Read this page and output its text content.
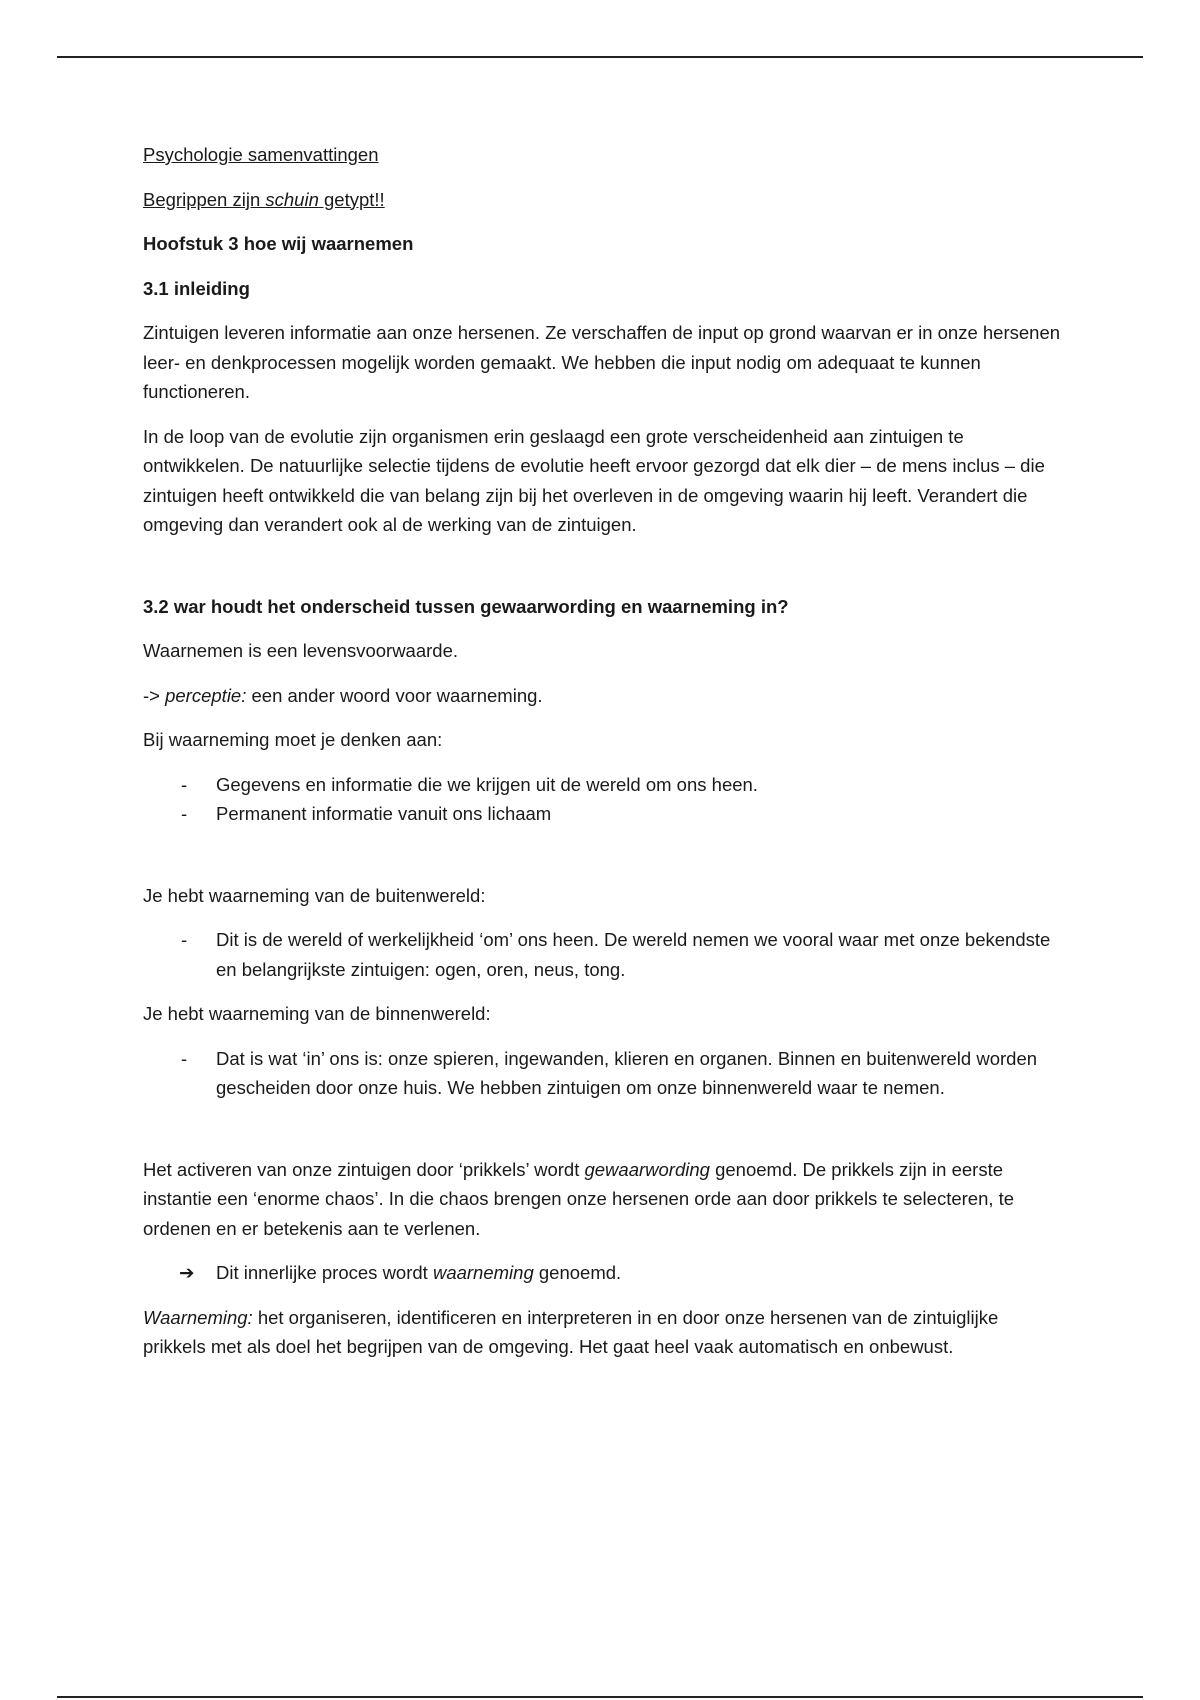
Psychologie samenvattingen

Begrippen zijn schuin getypt!!

Hoofstuk 3 hoe wij waarnemen

3.1 inleiding

Zintuigen leveren informatie aan onze hersenen. Ze verschaffen de input op grond waarvan er in onze hersenen leer- en denkprocessen mogelijk worden gemaakt. We hebben die input nodig om adequaat te kunnen functioneren.

In de loop van de evolutie zijn organismen erin geslaagd een grote verscheidenheid aan zintuigen te ontwikkelen. De natuurlijke selectie tijdens de evolutie heeft ervoor gezorgd dat elk dier – de mens inclus – die zintuigen heeft ontwikkeld die van belang zijn bij het overleven in de omgeving waarin hij leeft. Verandert die omgeving dan verandert ook al de werking van de zintuigen.

3.2 war houdt het onderscheid tussen gewaarwording en waarneming in?

Waarnemen is een levensvoorwaarde.

-> perceptie: een ander woord voor waarneming.

Bij waarneming moet je denken aan:

- Gegevens en informatie die we krijgen uit de wereld om ons heen.
- Permanent informatie vanuit ons lichaam

Je hebt waarneming van de buitenwereld:

- Dit is de wereld of werkelijkheid ‘om’ ons heen. De wereld nemen we vooral waar met onze bekendste en belangrijkste zintuigen: ogen, oren, neus, tong.

Je hebt waarneming van de binnenwereld:

- Dat is wat ‘in’ ons is: onze spieren, ingewanden, klieren en organen. Binnen en buitenwereld worden gescheiden door onze huis. We hebben zintuigen om onze binnenwereld waar te nemen.

Het activeren van onze zintuigen door ‘prikkels’ wordt gewaarwording genoemd. De prikkels zijn in eerste instantie een ‘enorme chaos’. In die chaos brengen onze hersenen orde aan door prikkels te selecteren, te ordenen en er betekenis aan te verlenen.

➔ Dit innerlijke proces wordt waarneming genoemd.

Waarneming: het organiseren, identificeren en interpreteren in en door onze hersenen van de zintuiglijke prikkels met als doel het begrijpen van de omgeving. Het gaat heel vaak automatisch en onbewust.
